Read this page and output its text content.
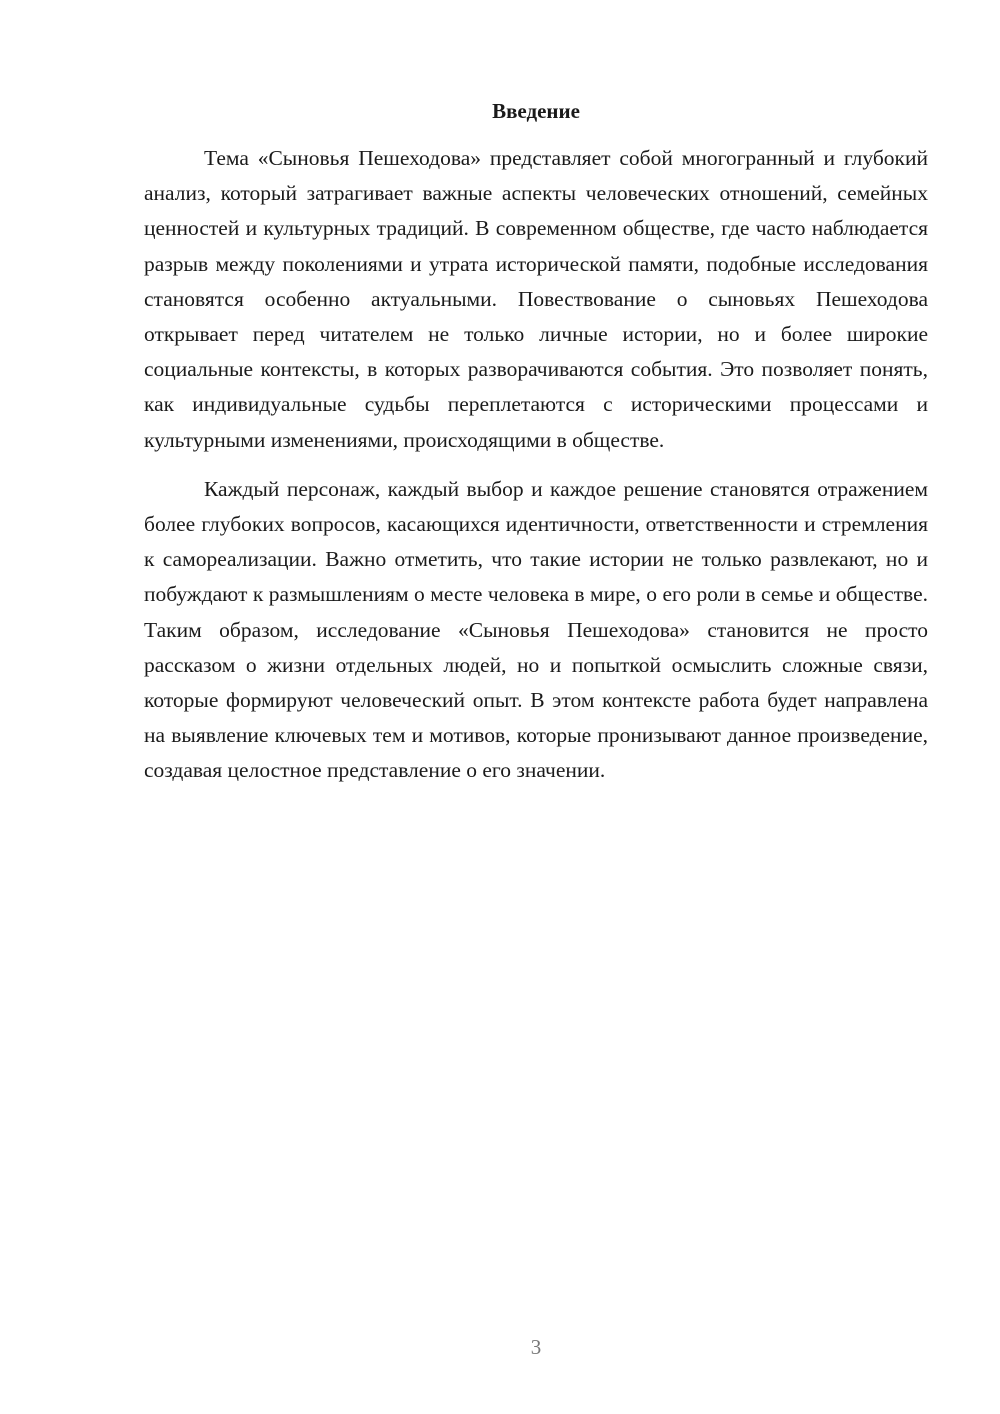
Введение

Тема «Сыновья Пешеходова» представляет собой многогранный и глубокий анализ, который затрагивает важные аспекты человеческих отношений, семейных ценностей и культурных традиций. В современном обществе, где часто наблюдается разрыв между поколениями и утрата исторической памяти, подобные исследования становятся особенно актуальными. Повествование о сыновьях Пешеходова открывает перед читателем не только личные истории, но и более широкие социальные контексты, в которых разворачиваются события. Это позволяет понять, как индивидуальные судьбы переплетаются с историческими процессами и культурными изменениями, происходящими в обществе.

Каждый персонаж, каждый выбор и каждое решение становятся отражением более глубоких вопросов, касающихся идентичности, ответственности и стремления к самореализации. Важно отметить, что такие истории не только развлекают, но и побуждают к размышлениям о месте человека в мире, о его роли в семье и обществе. Таким образом, исследование «Сыновья Пешеходова» становится не просто рассказом о жизни отдельных людей, но и попыткой осмыслить сложные связи, которые формируют человеческий опыт. В этом контексте работа будет направлена на выявление ключевых тем и мотивов, которые пронизывают данное произведение, создавая целостное представление о его значении.

3
